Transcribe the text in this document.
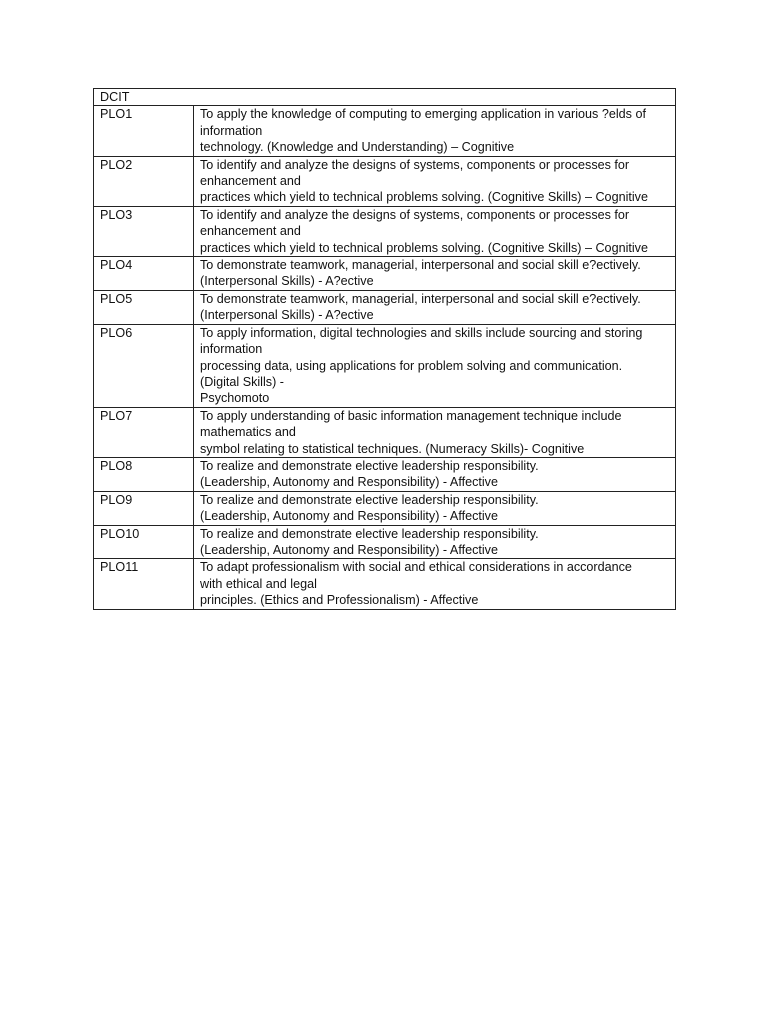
DCIT	
PLO1	To apply the knowledge of computing to emerging application in various ?elds of
information
technology. (Knowledge and Understanding) – Cognitive

PLO2	To identify and analyze the designs of systems, components or processes for
enhancement and
practices which yield to technical problems solving. (Cognitive Skills) – Cognitive

PLO3	To identify and analyze the designs of systems, components or processes for
enhancement and
practices which yield to technical problems solving. (Cognitive Skills) – Cognitive

PLO4	To demonstrate teamwork, managerial, interpersonal and social skill e?ectively.
(Interpersonal Skills) - A?ective

PLO5	To demonstrate teamwork, managerial, interpersonal and social skill e?ectively.
(Interpersonal Skills) - A?ective

PLO6	To apply information, digital technologies and skills include sourcing and storing
information
processing data, using applications for problem solving and communication.
(Digital Skills) -
Psychomoto

PLO7	To apply understanding of basic information management technique include
mathematics and
symbol relating to statistical techniques. (Numeracy Skills)- Cognitive

PLO8	To realize and demonstrate elective leadership responsibility.
(Leadership, Autonomy and Responsibility) - Affective

PLO9	To realize and demonstrate elective leadership responsibility.
(Leadership, Autonomy and Responsibility) - Affective

PLO10	To realize and demonstrate elective leadership responsibility.
(Leadership, Autonomy and Responsibility) - Affective

PLO11	To adapt professionalism with social and ethical considerations in accordance
with ethical and legal
principles. (Ethics and Professionalism) - Affective
